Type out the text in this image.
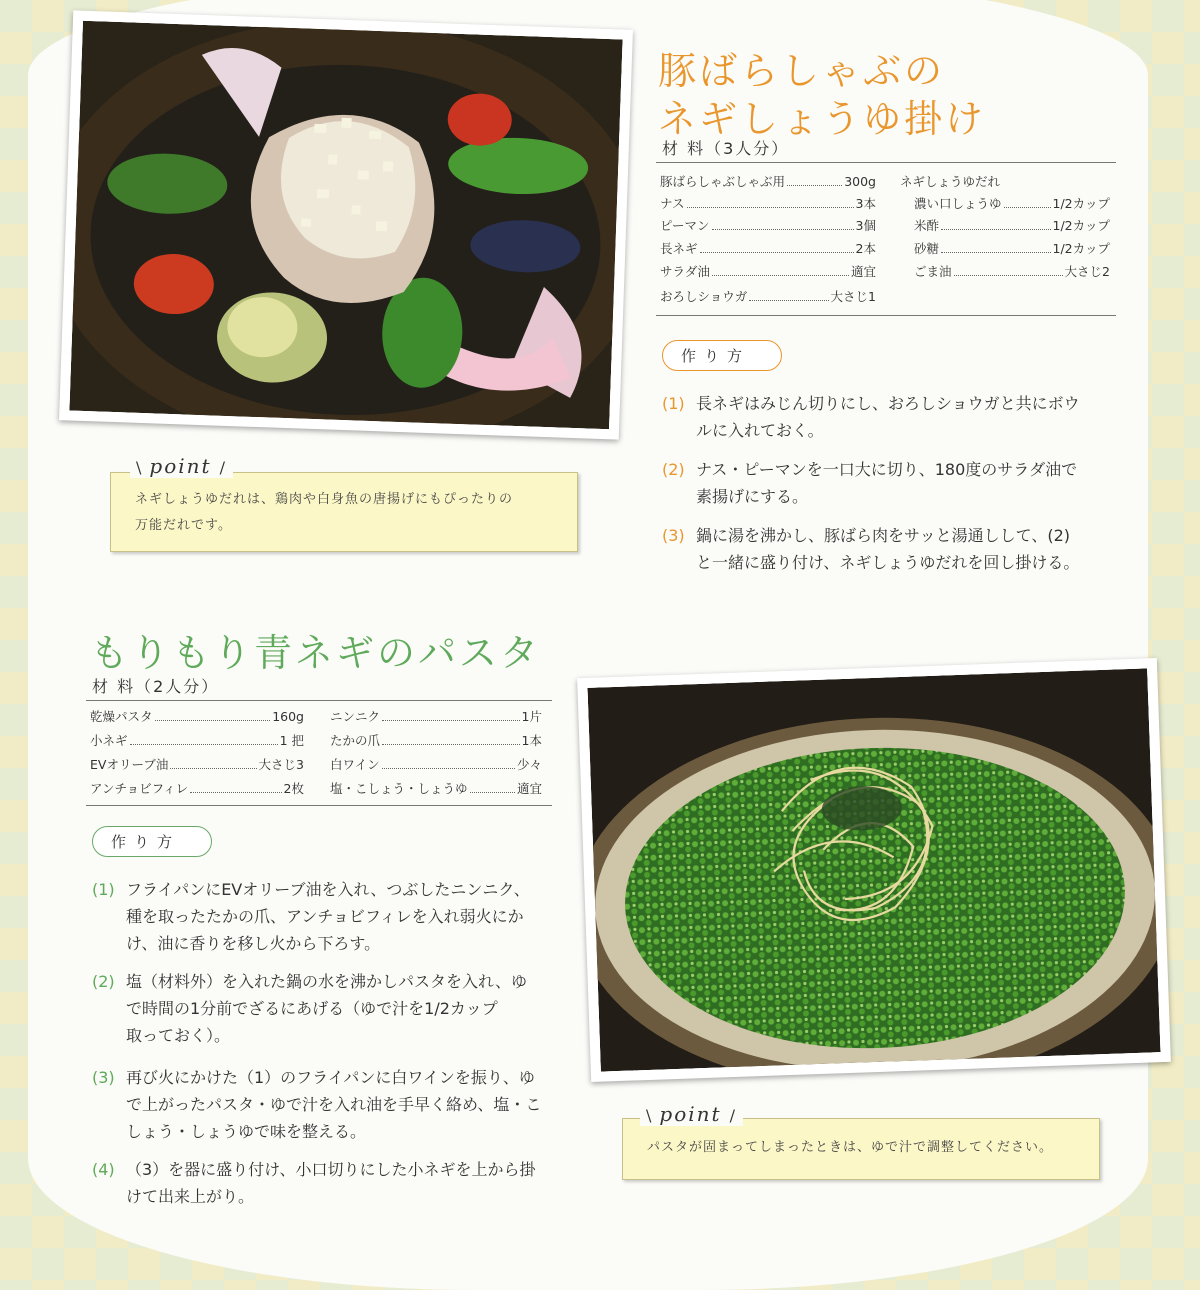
豚ばらしゃぶの
ネギしょうゆ掛け
材 料（3人分）
豚ばらしゃぶしゃぶ用	300g
ナス	3本
ピーマン	3個
長ネギ	2本
サラダ油	適宜
おろしショウガ	大さじ1
ネギしょうゆだれ
濃い口しょうゆ	1/2カップ
米酢	1/2カップ
砂糖	1/2カップ
ごま油	大さじ2
作り方
(1) 長ネギはみじん切りにし、おろしショウガと共にボウ
ルに入れておく。
(2) ナス・ピーマンを一口大に切り、180度のサラダ油で
素揚げにする。
(3) 鍋に湯を沸かし、豚ばら肉をサッと湯通しして、(2)
と一緒に盛り付け、ネギしょうゆだれを回し掛ける。
ネギしょうゆだれは、鶏肉や白身魚の唐揚げにもぴったりの
万能だれです。
\ point /
もりもり青ネギのパスタ
材 料（2人分）
乾燥パスタ	160g
小ネギ	1 把
EVオリーブ油	大さじ3
アンチョビフィレ	2枚
ニンニク	1片
たかの爪	1本
白ワイン	少々
塩・こしょう・しょうゆ	適宜
作り方
(1) フライパンにEVオリーブ油を入れ、つぶしたニンニク、
種を取ったたかの爪、アンチョビフィレを入れ弱火にか
け、油に香りを移し火から下ろす。
(2) 塩（材料外）を入れた鍋の水を沸かしパスタを入れ、ゆ
で時間の1分前でざるにあげる（ゆで汁を1/2カップ
取っておく）。
(3) 再び火にかけた（1）のフライパンに白ワインを振り、ゆ
で上がったパスタ・ゆで汁を入れ油を手早く絡め、塩・こ
しょう・しょうゆで味を整える。
(4) （3）を器に盛り付け、小口切りにした小ネギを上から掛
けて出来上がり。
パスタが固まってしまったときは、ゆで汁で調整してください。
\ point /
